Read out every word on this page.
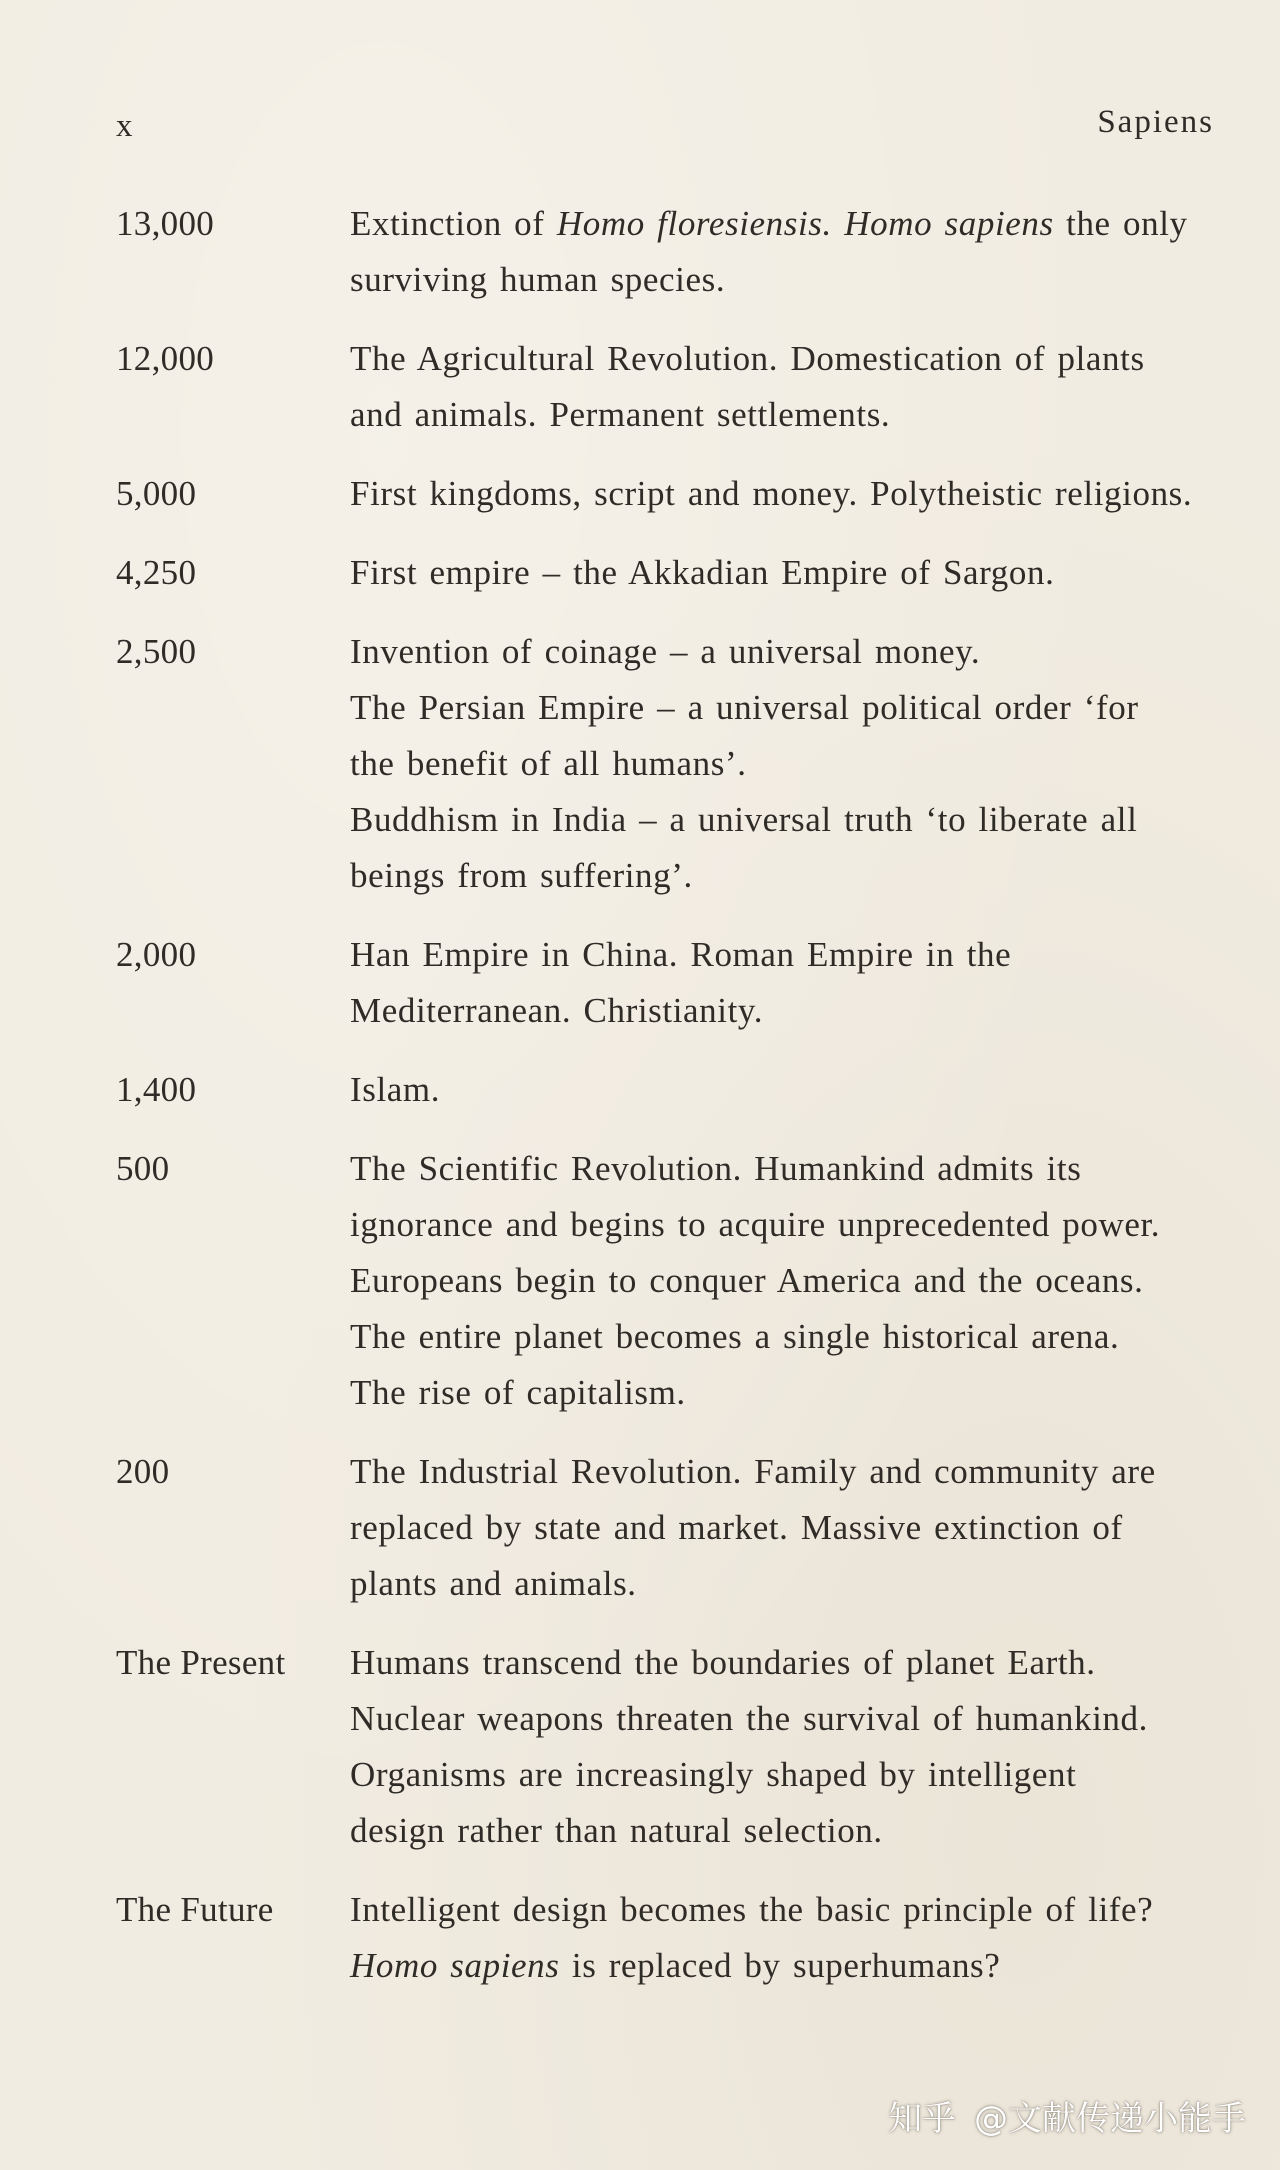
x	Sapiens
13,000	Extinction of Homo floresiensis. Homo sapiens the only
surviving human species.
12,000	The Agricultural Revolution. Domestication of plants
and animals. Permanent settlements.
5,000	First kingdoms, script and money. Polytheistic religions.
4,250	First empire – the Akkadian Empire of Sargon.
2,500	Invention of coinage – a universal money.
The Persian Empire – a universal political order ‘for
the benefit of all humans’.
Buddhism in India – a universal truth ‘to liberate all
beings from suffering’.
2,000	Han Empire in China. Roman Empire in the
Mediterranean. Christianity.
1,400	Islam.
500	The Scientific Revolution. Humankind admits its
ignorance and begins to acquire unprecedented power.
Europeans begin to conquer America and the oceans.
The entire planet becomes a single historical arena.
The rise of capitalism.
200	The Industrial Revolution. Family and community are
replaced by state and market. Massive extinction of
plants and animals.
The Present	Humans transcend the boundaries of planet Earth.
Nuclear weapons threaten the survival of humankind.
Organisms are increasingly shaped by intelligent
design rather than natural selection.
The Future	Intelligent design becomes the basic principle of life?
Homo sapiens is replaced by superhumans?
知乎 @文献传递小能手
